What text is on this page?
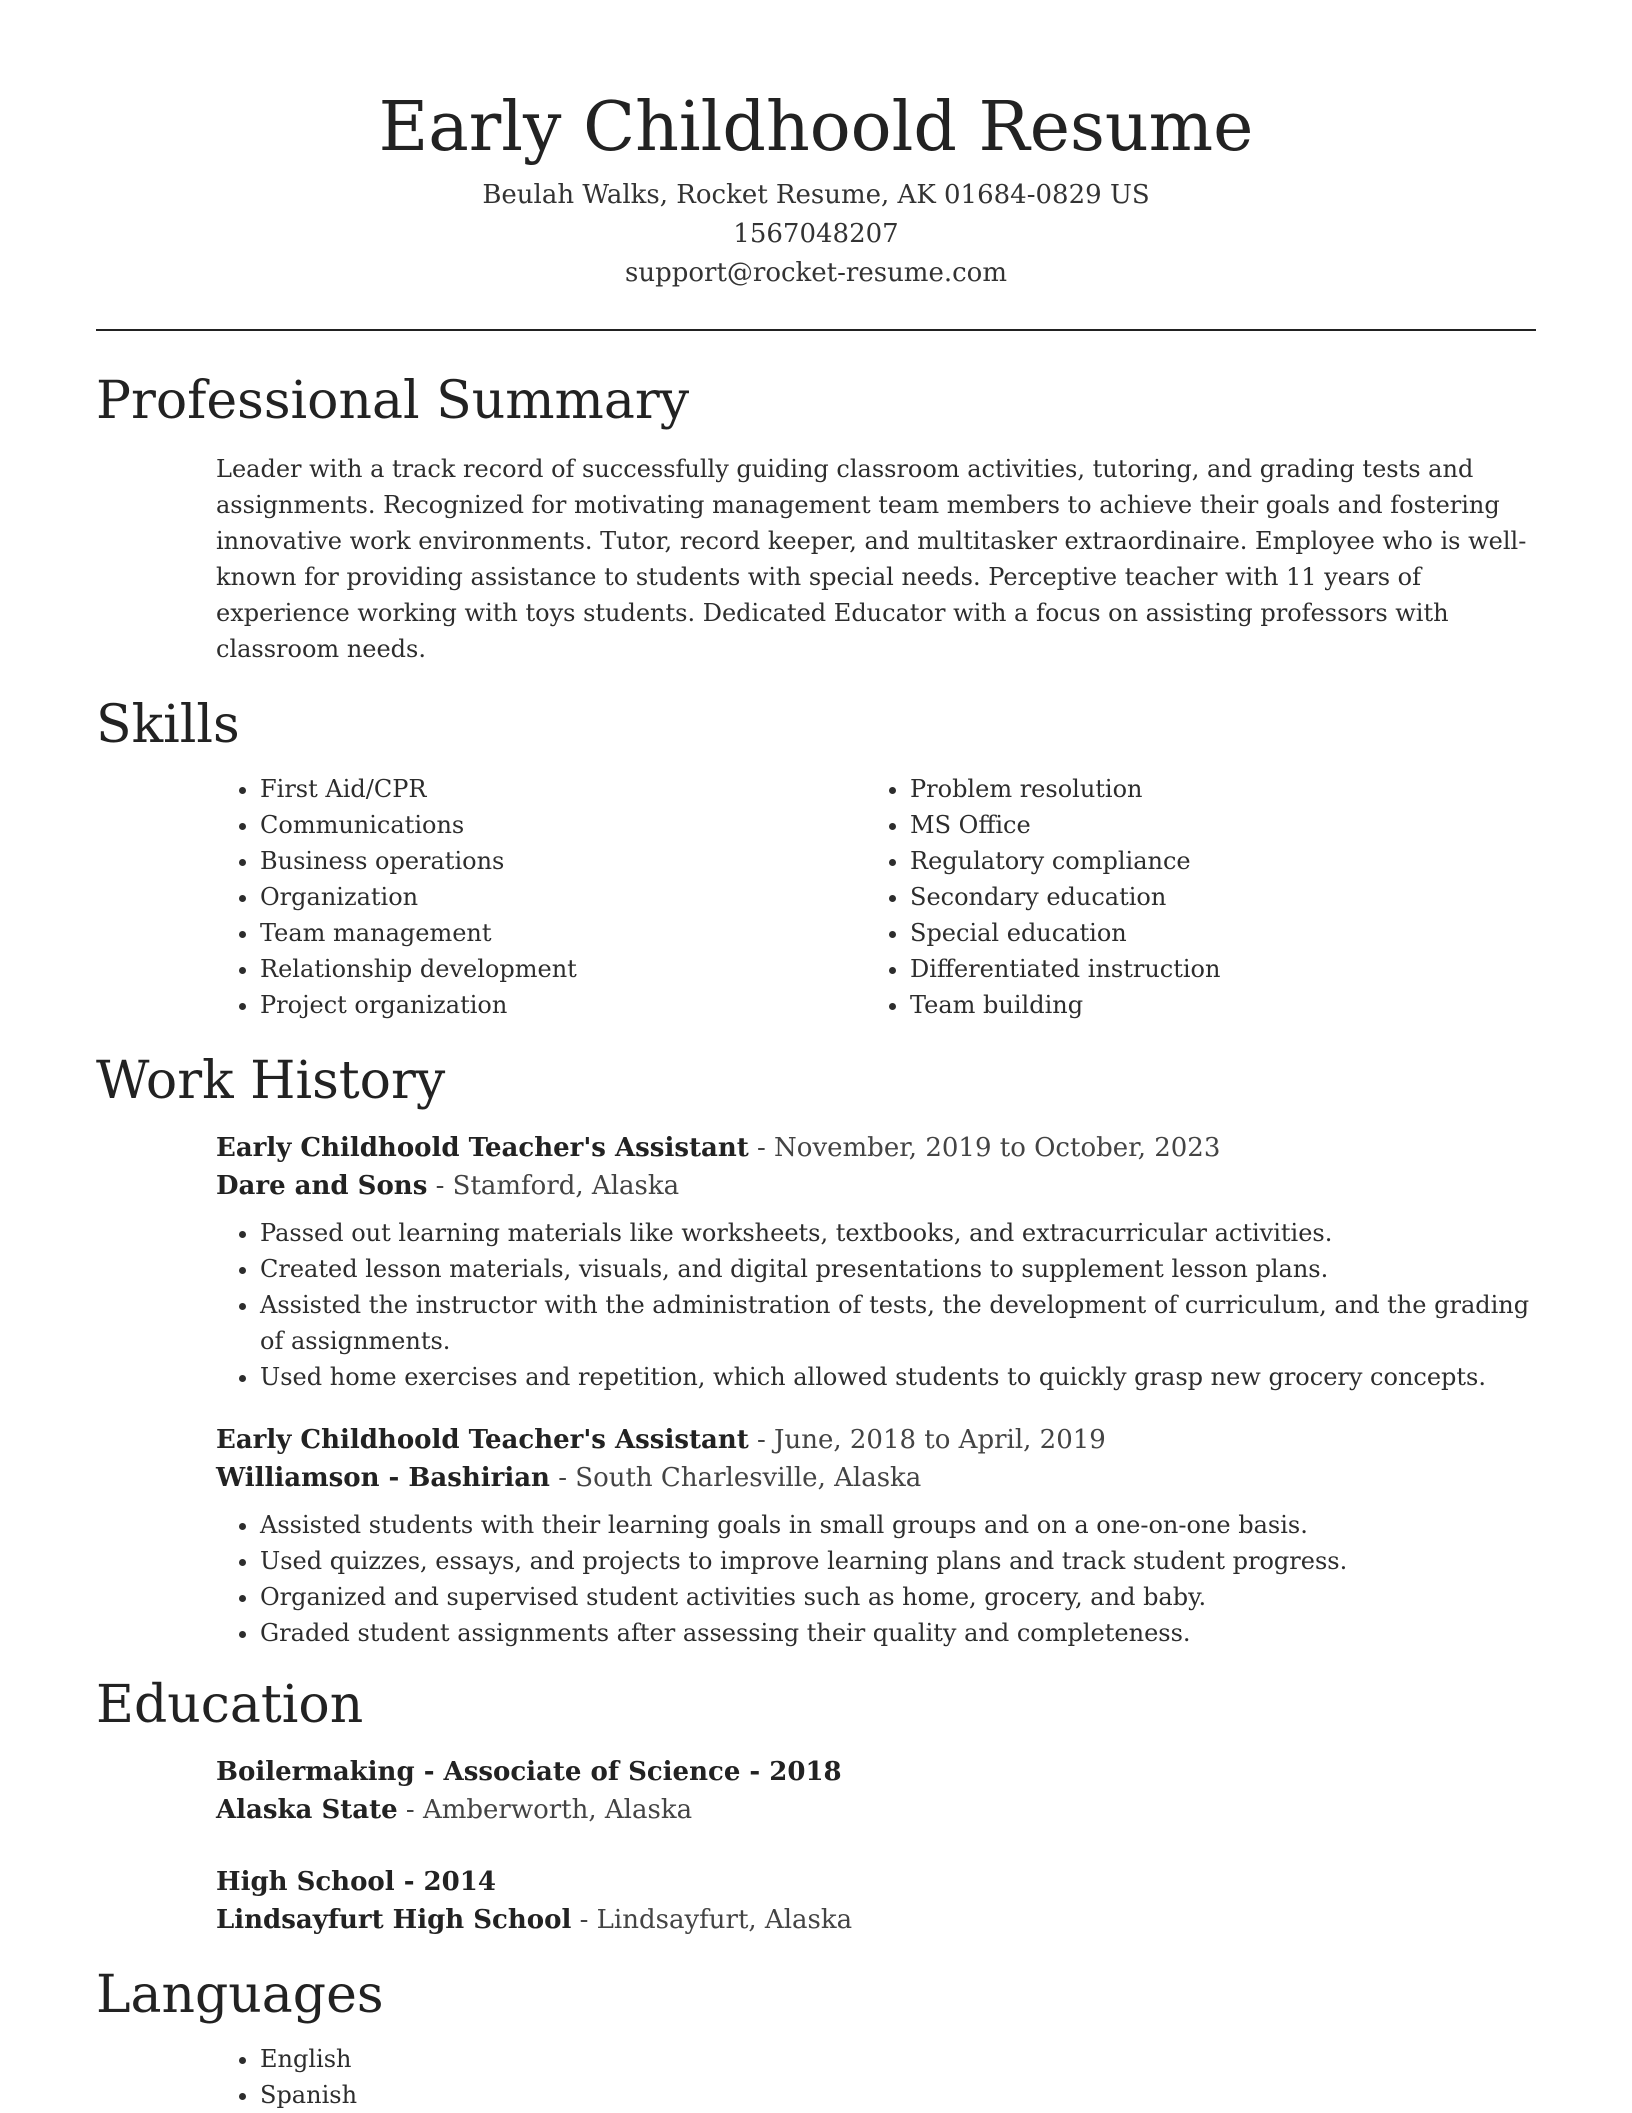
Early Childhoold Resume
Beulah Walks, Rocket Resume, AK 01684-0829 US
1567048207
support@rocket-resume.com
Professional Summary

Leader with a track record of successfully guiding classroom activities, tutoring, and grading tests and assignments. Recognized for motivating management team members to achieve their goals and fostering innovative work environments. Tutor, record keeper, and multitasker extraordinaire. Employee who is well-known for providing assistance to students with special needs. Perceptive teacher with 11 years of experience working with toys students. Dedicated Educator with a focus on assisting professors with classroom needs.

Skills
• First Aid/CPR
• Communications
• Business operations
• Organization
• Team management
• Relationship development
• Project organization
• Problem resolution
• MS Office
• Regulatory compliance
• Secondary education
• Special education
• Differentiated instruction
• Team building
Work History
Early Childhoold Teacher's Assistant - November, 2019 to October, 2023
Dare and Sons - Stamford, Alaska
• Passed out learning materials like worksheets, textbooks, and extracurricular activities.
• Created lesson materials, visuals, and digital presentations to supplement lesson plans.
• Assisted the instructor with the administration of tests, the development of curriculum, and the grading of assignments.
• Used home exercises and repetition, which allowed students to quickly grasp new grocery concepts.
Early Childhoold Teacher's Assistant - June, 2018 to April, 2019
Williamson - Bashirian - South Charlesville, Alaska
• Assisted students with their learning goals in small groups and on a one-on-one basis.
• Used quizzes, essays, and projects to improve learning plans and track student progress.
• Organized and supervised student activities such as home, grocery, and baby.
• Graded student assignments after assessing their quality and completeness.
Education
Boilermaking - Associate of Science - 2018
Alaska State - Amberworth, Alaska
High School - 2014
Lindsayfurt High School - Lindsayfurt, Alaska
Languages
• English
• Spanish
